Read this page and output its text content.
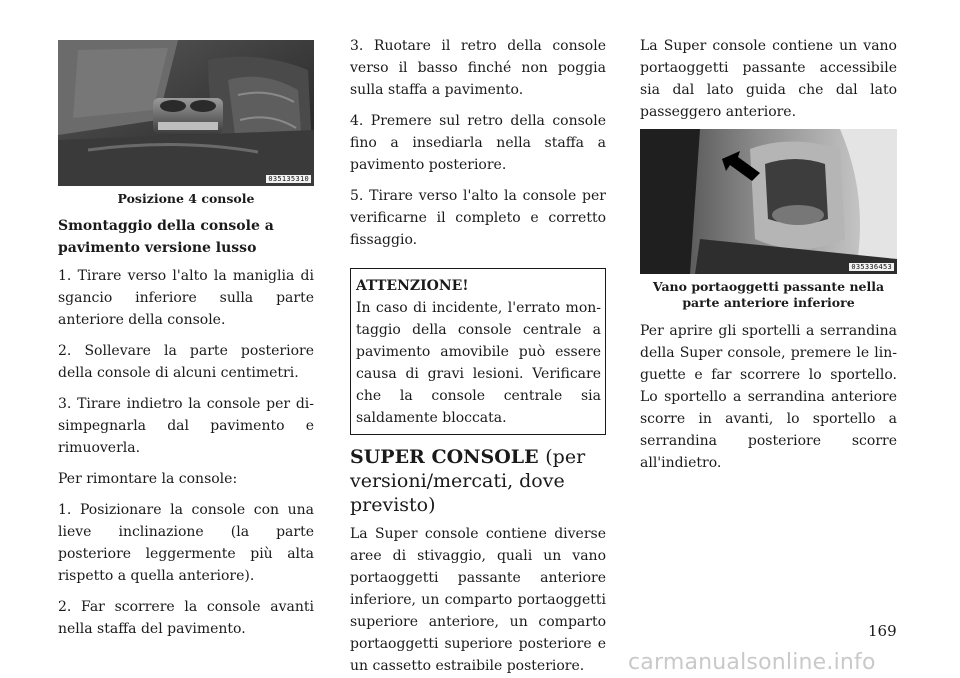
035135310

Posizione 4 console

Smontaggio della console a

pavimento versione lusso

1. Tirare verso l'alto la maniglia di sgancio inferiore sulla parte anteriore della console.

2. Sollevare la parte posteriore della console di alcuni centimetri.

3. Tirare indietro la console per disimpegnarla dal pavimento e rimuoverla.

Per rimontare la console:

1. Posizionare la console con una lieve inclinazione (la parte posteriore leggermente più alta rispetto a quella anteriore).

2. Far scorrere la console avanti nella staffa del pavimento.

3. Ruotare il retro della console verso il basso finché non poggia sulla staffa a pavimento.

4. Premere sul retro della console fino a insediarla nella staffa a pavimento posteriore.

5. Tirare verso l'alto la console per verificarne il completo e corretto fissaggio.

ATTENZIONE!

In caso di incidente, l'errato montaggio della console centrale a pavimento amovibile può essere causa di gravi lesioni. Verificare che la console centrale sia saldamente bloccata.

SUPER CONSOLE (per versioni/mercati, dove previsto)

La Super console contiene diverse aree di stivaggio, quali un vano portaoggetti passante anteriore inferiore, un comparto portaoggetti superiore anteriore, un comparto portaoggetti superiore posteriore e un cassetto estraibile posteriore.

La Super console contiene un vano portaoggetti passante accessibile sia dal lato guida che dal lato passeggero anteriore.

035336453

Vano portaoggetti passante nella

parte anteriore inferiore

Per aprire gli sportelli a serrandina della Super console, premere le linguette e far scorrere lo sportello. Lo sportello a serrandina anteriore scorre in avanti, lo sportello a serrandina posteriore scorre all'indietro.

169
carmanualsonline.info
